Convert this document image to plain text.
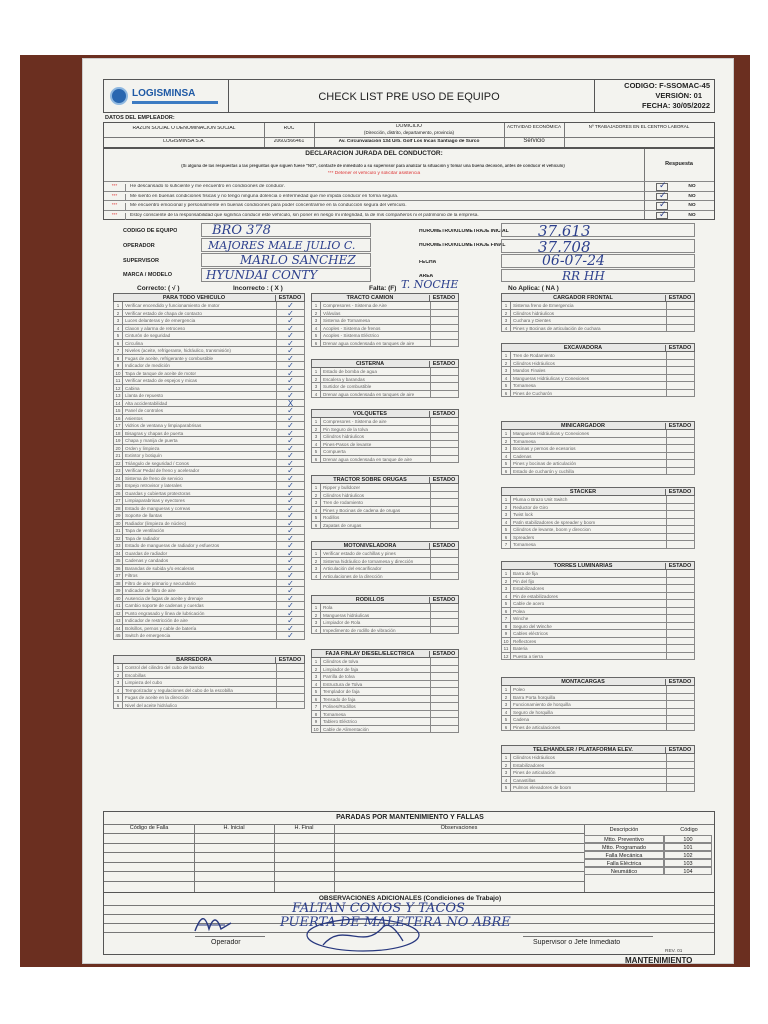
LOGISMINSA	CHECK LIST PRE USO DE EQUIPO
CODIGO: F-SSOMAC-45
VERSIÓN: 01
FECHA: 30/05/2022
DATOS DEL EMPLEADOR:
RAZÓN SOCIAL O DENOMINACIÓN SOCIAL	RUC	DOMICILIO
(Dirección, distrito, departamento, provincia)
ACTIVIDAD ECONÓMICA	Nº TRABAJADORES EN EL CENTRO LABORAL
LOGISMINSA S.A.	20602566461	Av. Circunvalación 134 Urb. Golf Los Incas Santiago de Surco	Servicio
DECLARACIÓN JURADA DEL CONDUCTOR:
(Si alguna de las respuestas a las preguntas que siguen fuese "NO", contacte de inmediato a su supervisor para analizar la situación y tomar una buena decisión, antes de conducir el vehículo)
*** Detener el vehículo y solicitar asistencia
Respuesta
***	He descansado lo suficiente y me encuentro en condiciones de conducir.	✓	NO
***	Me siento en buenas condiciones físicas y no tengo ninguna dolencia o enfermedad que me impida conducir en forma segura.	✓	NO
***	Me encuentro emocional y personalmente en buenas condiciones para poder concentrarme en la conducción segura del vehículo.	✓	NO
***	Estoy consciente de la responsabilidad que significa conducir este vehículo, sin poner en riesgo mi integridad, la de mis compañeros ni el patrimonio de la empresa.	✓	NO
CODIGO DE EQUIPO	BRO 378
OPERADOR	MAJORES MALE JULIO C.
SUPERVISOR	MARLO SANCHEZ
MARCA / MODELO	HYUNDAI CONTY
HOROMETRO/KILOMETRAJE INICIAL	37.613
HOROMETRO/KILOMETRAJE FINAL	37.708
FECHA	06-07-24
AREA	RR HH
Correcto: ( √ )	Incorrecto : ( X )	Falta: (F) T. NOCHE	No Aplica: ( NA )
PARA TODO VEHICULO	ESTADO
1	Verificar encendido y funcionamiento de motor	✓
2	Verificar estado de chapa de contacto	✓
3	Luces delanteras y de emergencia	✓
4	Claxon y alarma de retroceso	✓
5	Cinturón de seguridad	✓
6	Circulina	✓
7	Niveles (aceite, refrigerante, hidráulico, transmisión)	✓
8	Fugas de aceite, refrigerante y combustible	✓
9	Indicador de medición	✓
10 Tapa de tanque de aceite de motor	✓
11	Verificar estado de espejos y micas	✓
12 Cabina	✓
13 Llanta de repuesto	✓
14 Alta accidentabilidad	X
15 Panel de controles	✓
16 Asientos	✓
17 Vidrios de ventana y limpiaparabrisas	✓
18 Bisagras y chapas de puerta	✓
19 Chapa y manija de puerta	✓
20 Orden y limpieza	✓
21 Extintor y botiquín	✓
22 Triángulo de seguridad / Conos	✓
23 Verificar Pedal de freno y acelerador	✓
24 Sistema de freno de servicio	✓
25 Espejo retrovisor y laterales	✓
26 Guardas y cubiertas protectoras	✓
27 Limpiaparabrisas y eyectores	✓
28 Estado de mangueras y correas	✓
29 Soporte de llantas	✓
30 Radiador (limpieza de núcleo)	✓
31 Tapa de ventilación	✓
32 Tapa de radiador	✓
33 Estado de mangueras de radiador y esfuerzos	✓
34 Guardas de radiador	✓
35 Cadenas y candados	✓
36 Barandas de subida y/o escaleras	✓
37 Filtros	✓
38 Filtro de aire primario y secundario	✓
39 Indicador de filtro de aire	✓
40 Ausencia de fugas de aceite y drenaje	✓
41 Cambio soporte de cadenas y cuerdas	✓
42 Punto engrasado y línea de lubricación	✓
43 Indicador de restricción de aire	✓
44 Bolsillos, pernos y cable de batería	✓
45 Switch de emergencia	✓
BARREDORA	ESTADO
1	Control del cilindro del cubo de barrido
2	Escobillas
3	Limpieza del cubo
4	Temporizador y regulaciones del cubo de la escobilla
5	Fugas de aceite en la dirección
6	Nivel del aceite hidráulico
TRACTO CAMION	ESTADO
1	Compresores - Sistema de Aire
2	Válvulas
3	Sistema de Tornamesa
4	Acoples - Sistema de frenos
5	Acoples - Sistema Eléctrico
6	Drenar agua condensada en tanques de aire
CISTERNA	ESTADO
1	Estado de bomba de agua
2	Escalera y barandas
3	Surtidor de combustible
4	Drenar agua condensada en tanques de aire
VOLQUETES	ESTADO
1	Compresores - Sistema de aire
2	Pin Seguro de la tolva
3	Cilindros hidráulicos
4	Pines-Pasos de levante
5	Compuerta
6	Drenar agua condensada en tanque de aire
TRACTOR SOBRE ORUGAS	ESTADO
1	Ripper y bulldozer
2	Cilindros hidráulicos
3	Tren de rodamiento
4	Pines y Bocinas de cadena de orugas
5	Rodillos
6	Zapatas de orugas
MOTONIVELADORA	ESTADO
1	Verificar estado de cuchillas y pines
2	Sistema hidráulico de tornamesa y dirección
3	Articulación del escarificador
4	Articulaciones de la dirección
RODILLOS	ESTADO
1	Rola
2	Mangueras hidráulicas
3	Limpiador de Rola
4	Impedimento de rodillo de vibración
FAJA FINLAY DIESEL/ELECTRICA	ESTADO
1	Cilindros de tolva
2	Limpiador de faja
3	Parrilla de tolva
4	Estructura de Tolva
5	Templador de faja
6	Tensado de faja
7	Polines/Rodillos
8	Tornamesa
9	Tablero Eléctrico
10 Cable de Alimentación
CARGADOR FRONTAL	ESTADO
1	Sistema freno de Emergencia
2	Cilindros hidráulicos
3	Cuchara y Dientes
4	Pines y Bocinas de articulación de cuchara
EXCAVADORA	ESTADO
1	Tren de Rodamiento
2	Cilindros Hidráulicos
3	Mandos Finales
4	Mangueras Hidráulicas y Conexiones
5	Tornamesa
6	Pines de Cucharón
MINICARGADOR	ESTADO
1	Mangueras Hidráulicas y Conexiones
2	Tornamesa
3	Bocinas y pernos de ecesorios
4	Cadenas
5	Pines y bocinas de articulación
6	Estado de cucharón y cuchilla
STACKER	ESTADO
1	Pluma o Brazo Unit Switch
2	Reductor de Giro
3	Twist lock
4	Patín stabilizadores de spreader y boom
5	Cilindros de levante, boom y direccion
6	Spreaders
7	Tornamesa
TORRES LUMINARIAS	ESTADO
1	Barra de fija
2	Pin del fijo
3	Estabilizadores
4	Pin de estabilizadores
5	Cable de acero
6	Polea
7	Winche
8	Seguro del Winche
9	Cables eléctricos
10 Reflectores
11	Bateria
12 Puesta a tierra
MONTACARGAS	ESTADO
1	Poleo
2	Barra Porta horquilla
3	Funcionamiento de horquilla
4	Seguro de horquilla
5	Cadena
6	Pines de articulaciones
TELEHANDLER / PLATAFORMA ELEV.	ESTADO
1	Cilindros Hidráulicos
2	Estabilizadores
3	Pines de articulación
4	Canastillas
5	Pulmos elevadores de boom
PARADAS POR MANTENIMIENTO Y FALLAS
Código de Falla	H. Inicial	H. Final	Observaciones	Descripción	Código
Mtto. Preventivo	100
Mtto. Programado	101
Falla Mecánica	102
Falla Eléctrica	103
Neumático	104
OBSERVACIONES ADICIONALES (Condiciones de Trabajo)
FALTAN CONOS Y TACOS
PUERTA DE MALETERA NO ABRE
Operador	Supervisor o Jefe Inmediato
REV. 01
MANTENIMIENTO
